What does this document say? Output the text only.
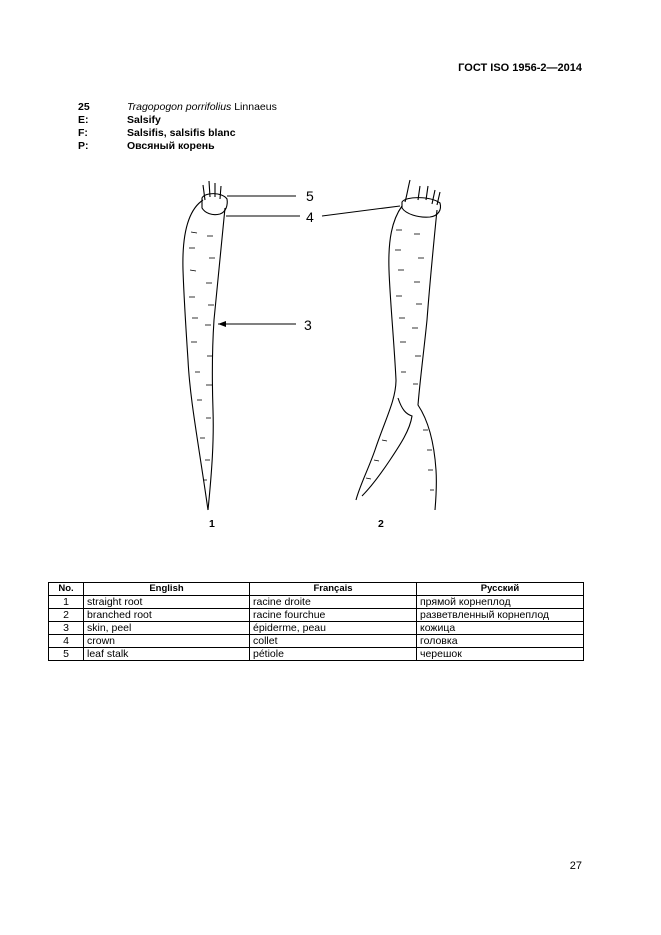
ГОСТ ISO 1956-2—2014
25	Tragopogon porrifolius Linnaeus
E:	Salsify
F:	Salsifis, salsifis blanc
P:	Овсяный корень
5
4
3
1	2
No.	English	Français	Русский
1	straight root	racine droite	прямой корнеплод
2	branched root	racine fourchue	разветвленный корнеплод
3	skin, peel	épiderme, peau	кожица
4	crown	collet	головка
5	leaf stalk	pétiole	черешок
27
